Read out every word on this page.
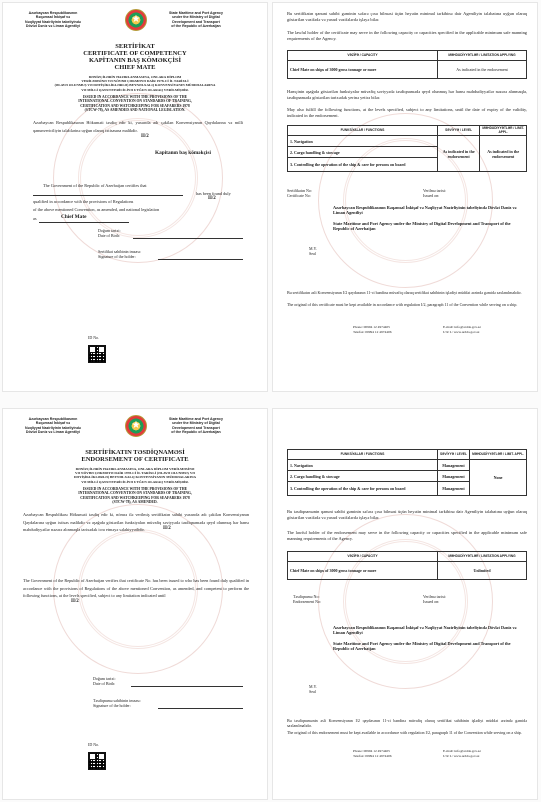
Azərbaycan Respublikasının
Rəqəmsal İnkişaf və
Nəqliyyat Nazirliyinin tabeliyində
Dövlət Dəniz və Liman Agentliyi
★
State Maritime and Port Agency
under the Ministry of Digital
Development and Transport
of the Republic of Azerbaijan
SERTİFİKAT
CERTIFICATE OF COMPETENCY
KAPİTANIN BAŞ KÖMƏKÇİSİ
CHIEF MATE
DƏNİZÇİLƏRİN HAZIRLANMASINA, ONLARA DİPLOM
VERİLMƏSİNƏ VƏ NÖVBƏ ÇƏKMƏYƏ DAİR 1978-Cİ İL TARİXLİ
(ƏLAVƏ OLUNMUŞ VƏ DƏYİŞİKLİKLƏRLƏ) BEYNƏLXALQ KONVENSİYANIN MÜDDƏALARINA
VƏ MİLLİ QANUNVERİCİLİYƏ UYĞUN OLARAQ VERİLMİŞDİR.
ISSUED IN ACCORDANCE WITH THE PROVISIONS OF THE
INTERNATIONAL CONVENTION ON STANDARDS OF TRAINING,
CERTIFICATION AND WATCHKEEPING FOR SEAFARERS 1978
(STCW-78), AS AMENDED AND NATIONAL LEGISLATION.
Azərbaycan Respublikasının Hökuməti təsdiq edir ki, yuxarıda adı çəkilən Konvensiyanın Qaydalarına və milli qanunvericiliyin tələblərinə uyğun olaraq ixtisasına malikdir.
II/2
Kapitanın baş köməkçisi
The Government of the Republic of Azerbaijan certifies that
has been found duly
qualified in accordance with the provisions of Regulations
II/2
of the above mentioned Convention, as amended, and national legislation
as	Chief Mate
Doğum tarixi:
Date of Birth:
Sertifikat sahibinin imzası:
Signature of the holder:
ID No.
Bu sertifikatın qanuni sahibi gəminin səfərə çıxa bilməsi üçün heyətin minimal tərkibinə dair Agentliyin tələbatına uyğun olaraq göstərilən vəzifədə və yaxud vəzifələrdə işləyə bilər.
The lawful holder of the certificate may serve in the following capacity or capacities specified in the applicable minimum safe manning requirements of the Agency.
VƏZİFƏ / CAPACITY	MƏHDUDİYYƏTLƏR / LIMITATION APPLYING
Chief Mate on ships of 3000 gross tonnage or more	As indicated in the endorsement
Həmçinin aşağıda göstərilən funksiyalar müvafiq səviyyədə təsdiqnamədə qeyd olunmuş hər hansı məhdudiyyətlər nəzərə alınmaqla, təsdiqnamədə göstərilən tarixədək yerinə yetirə bilər.
May also fulfill the following functions, at the levels specified, subject to any limitations, until the date of expiry of the validity, indicated in the endorsement.
FUNKSİYALAR / FUNCTIONS	SƏVİYYƏ / LEVEL	MƏHDUDİYYƏTLƏR / LIMIT. APPL.
1. Navigation	As indicated in the endorsement	As indicated in the endorsement
2. Cargo handling & stowage		
3. Controlling the operation of the ship & care for persons on board		
Sertifikatın No:
Certificate No:
Verilmə tarixi:
Issued on:
Azərbaycan Respublikasının Rəqəmsal İnkişaf və Nəqliyyat Nazirliyinin tabeliyində Dövlət Dəniz və Liman Agentliyi
State Maritime and Port Agency under the Ministry of Digital Development and Transport of the Republic of Azerbaijan
M.Y.
Seal
Bu sertifikatın əsli Konvensiyanın I/2 qaydasının 11-ci bəndinə müvafiq olaraq sertifikat sahibinin işlədiyi müddət ərzində gəmidə saxlanılmalıdır.
The original of this certificate must be kept available in accordance with regulation I/2, paragraph 11 of the Convention while serving on a ship.
Phone: 00994 12 4974405
Telefax: 00994 12 4974406
E-mail: info@ardda.gov.az
U R L: www.ardda.gov.az
Azərbaycan Respublikasının
Rəqəmsal İnkişaf və
Nəqliyyat Nazirliyinin tabeliyində
Dövlət Dəniz və Liman Agentliyi
★
State Maritime and Port Agency
under the Ministry of Digital
Development and Transport
of the Republic of Azerbaijan
SERTİFİKATIN TƏSDİQNAMƏSİ
ENDORSEMENT OF CERTIFICATE
DƏNİZÇİLƏRİN HAZIRLANMASINA, ONLARA DİPLOM VERİLMƏSİNƏ
VƏ NÖVBƏ ÇƏKMƏYƏ DAİR 1978-Cİ İL TARİXLİ (ƏLAVƏ OLUNMUŞ VƏ
DƏYİŞİKLİKLƏRLƏ) BEYNƏLXALQ KONVENSİYANIN MÜDDƏALARINA
VƏ MİLLİ QANUNVERİCİLİYƏ UYĞUN OLARAQ VERİLMİŞDİR.
ISSUED IN ACCORDANCE WITH THE PROVISIONS OF THE
INTERNATIONAL CONVENTION ON STANDARDS OF TRAINING,
CERTIFICATION AND WATCHKEEPING FOR SEAFARERS 1978
(STCW-78), AS AMENDED.
Azərbaycan Respublikası Hökuməti təsdiq edir ki, nömrə ilə verilmiş sertifikatın sahibi yuxarıda adı çəkilən Konvensiyanın Qaydalarına uyğun ixtisas malikdir və aşağıda göstərilən funksiyaları müvafiq səviyyədə təsdiqnamədə qeyd olunmuş hər hansı məhdudiyyətlər nəzərə alınmaqla tarixədək icra etməyə səlahiyyətlidir.	II/2
The Government of the Republic of Azerbaijan verifies that certificate No. has been issued to who has been found duly qualified in accordance with the provisions of Regulations of the above mentioned Convention, as amended, and competent to perform the following functions, at the levels specified, subject to any limitation indicated until
II/2
Doğum tarixi:
Date of Birth:
Təsdiqnamə sahibinin imzası:
Signature of the holder:
ID No.
FUNKSİYALAR / FUNCTIONS	SƏVİYYƏ / LEVEL	MƏHDUDİYYƏTLƏR / LIMIT. APPL.
1. Navigation	Management	None
2. Cargo handling & stowage	Management	
3. Controlling the operation of the ship & care for persons on board	Management	
Bu təsdiqnamənin qanuni sahibi gəminin səfərə çıxa bilməsi üçün heyətin minimal tərkibinə dair Agentliyin tələbatına uyğun olaraq göstərilən vəzifədə və yaxud vəzifələrdə işləyə bilər.
The lawful holder of the endorsement may serve in the following capacity or capacities specified in the applicable minimum safe manning requirements of the Agency.
VƏZİFƏ / CAPACITY	MƏHDUDİYYƏTLƏR / LIMITATION APPLYING
Chief Mate on ships of 3000 gross tonnage or more	Unlimited
Təsdiqnamə No:
Endorsement No:
Verilmə tarixi:
Issued on:
Azərbaycan Respublikasının Rəqəmsal İnkişaf və Nəqliyyat Nazirliyinin tabeliyində Dövlət Dəniz və Liman Agentliyi
State Maritime and Port Agency under the Ministry of Digital Development and Transport of the Republic of Azerbaijan
M.Y.
Seal
Bu təsdiqnamənin əsli Konvensiyanın I/2 qaydasının 11-ci bəndinə müvafiq olaraq sertifikat sahibinin işlədiyi müddət ərzində gəmidə saxlanılmalıdır.
The original of this endorsement must be kept available in accordance with regulation I/2, paragraph 11 of the Convention while serving on a ship.
Phone: 00994 12 4974405
Telefax: 00994 12 4974406
E-mail: info@ardda.gov.az
U R L: www.ardda.gov.az
